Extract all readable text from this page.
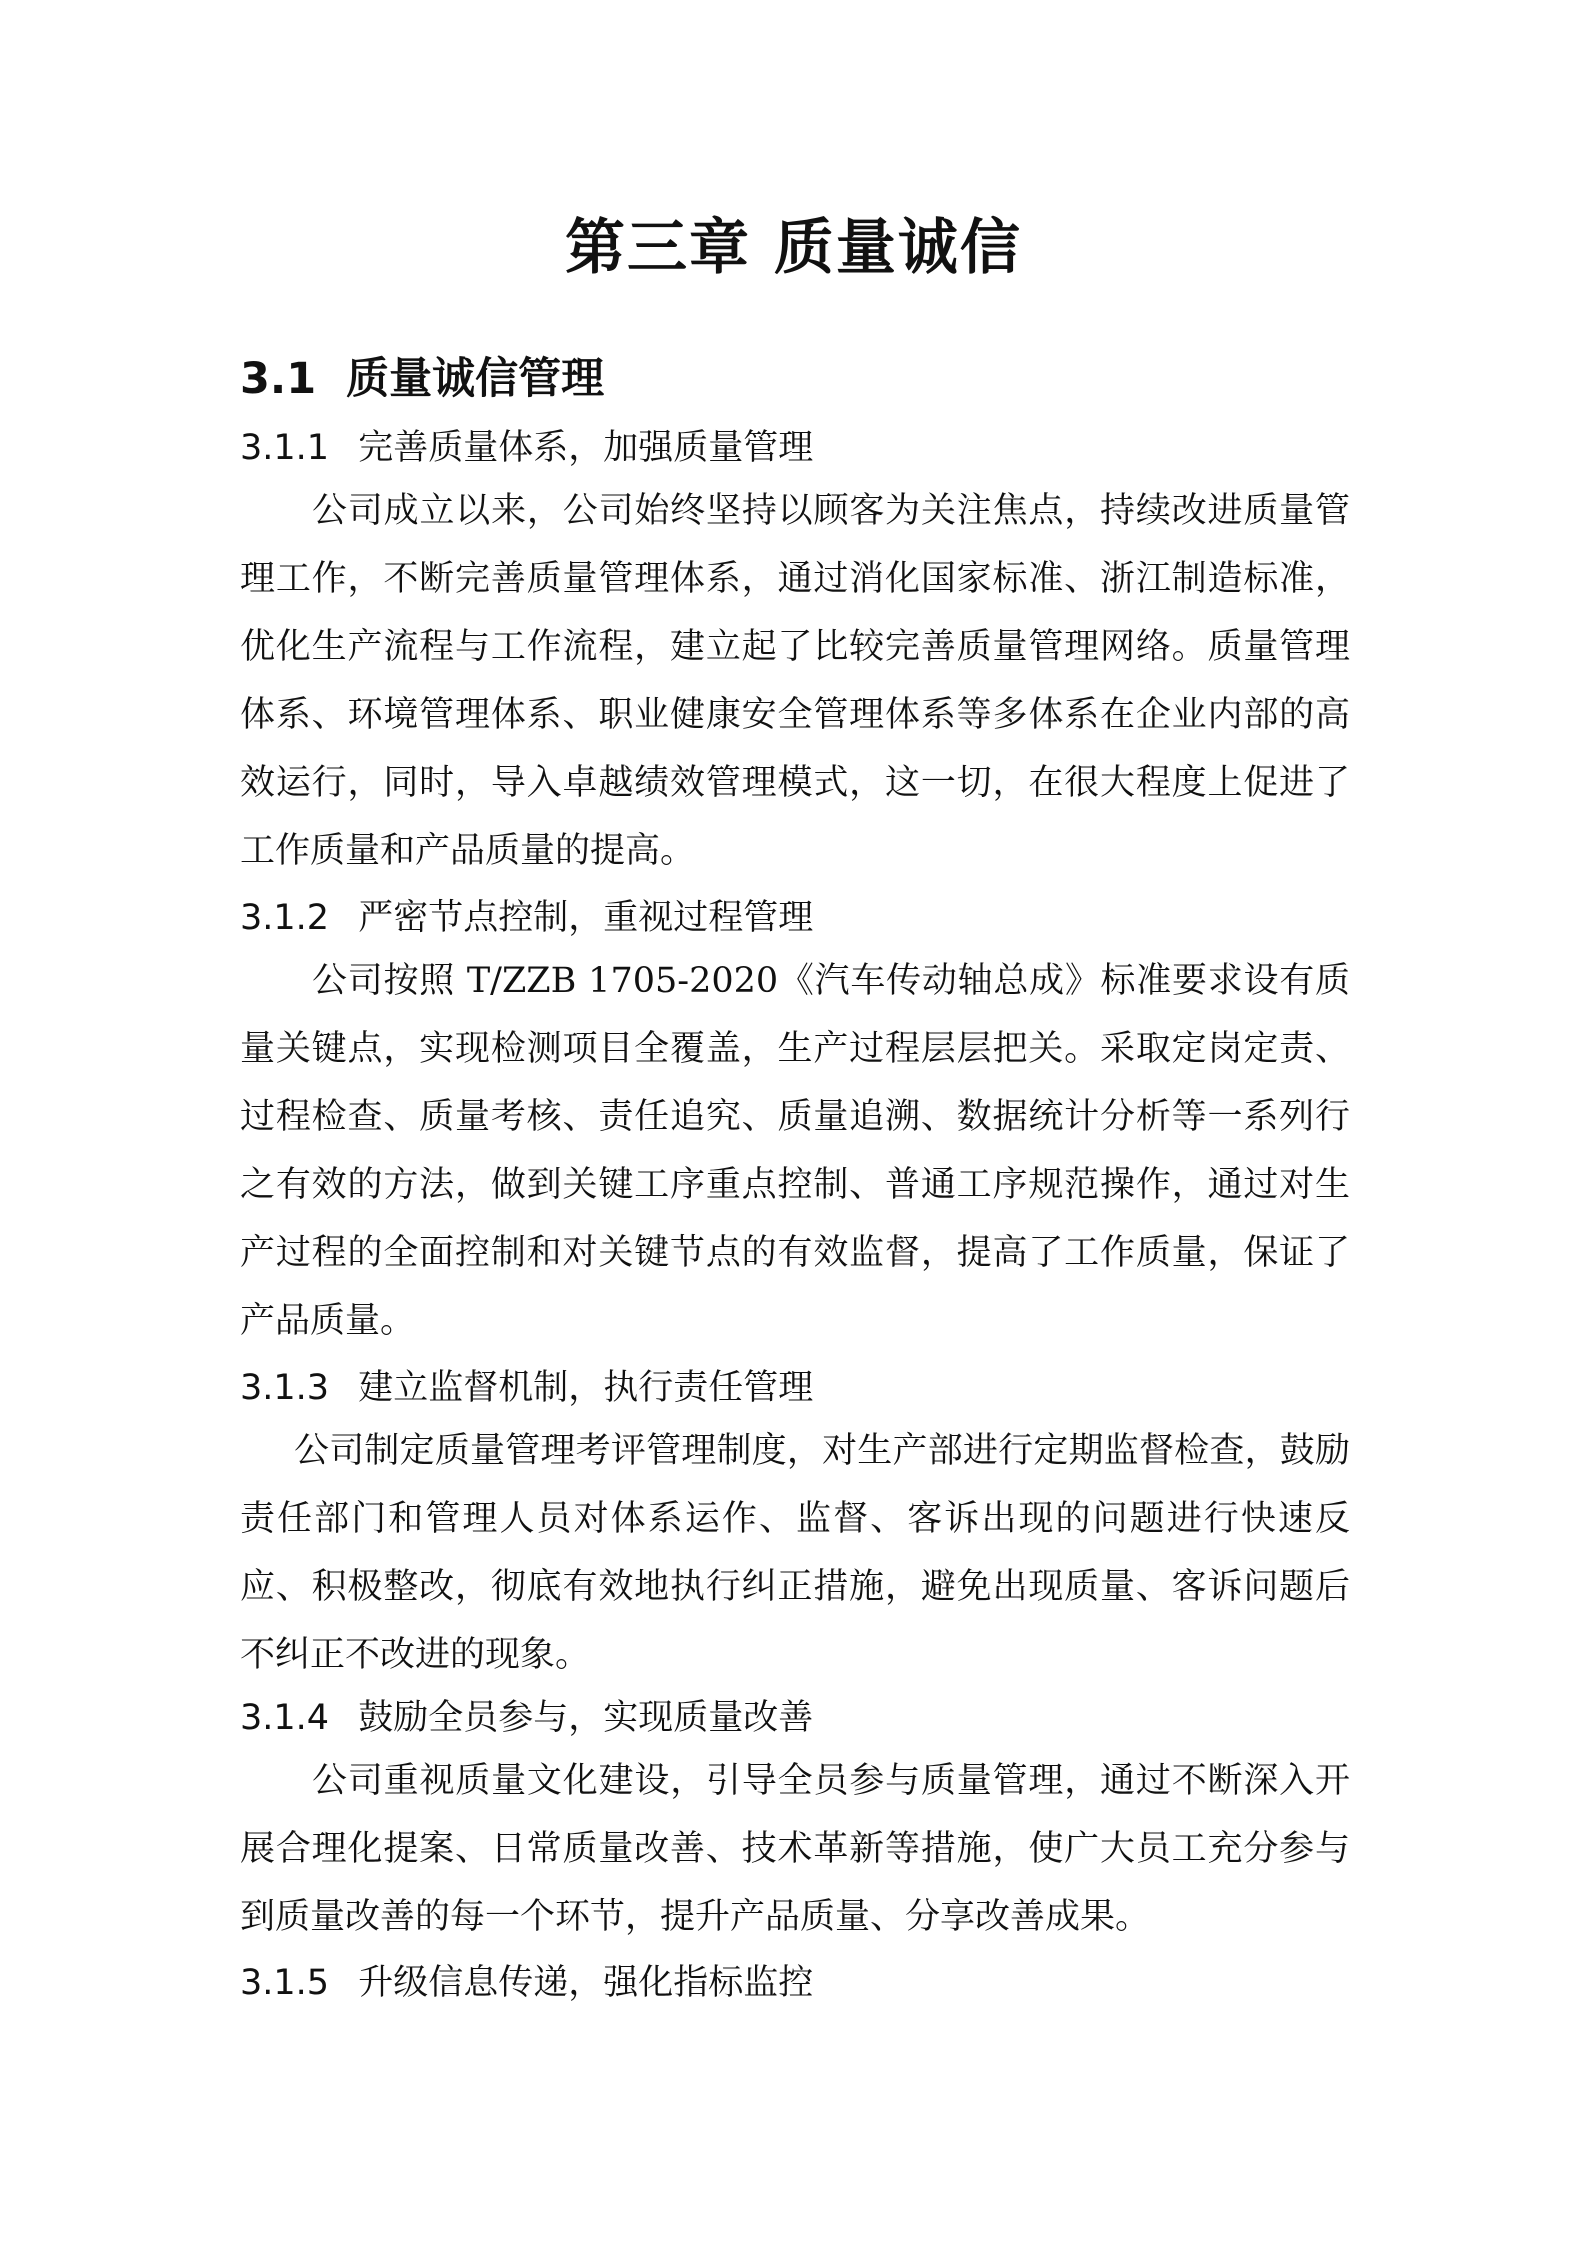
第三章 质量诚信
3.1 质量诚信管理
3.1.1 完善质量体系，加强质量管理

公司成立以来，公司始终坚持以顾客为关注焦点，持续改进质量管理工作，不断完善质量管理体系，通过消化国家标准、浙江制造标准，优化生产流程与工作流程，建立起了比较完善质量管理网络。质量管理体系、环境管理体系、职业健康安全管理体系等多体系在企业内部的高效运行，同时，导入卓越绩效管理模式，这一切，在很大程度上促进了工作质量和产品质量的提高。

3.1.2 严密节点控制，重视过程管理

公司按照 T/ZZB 1705-2020《汽车传动轴总成》标准要求设有质量关键点，实现检测项目全覆盖，生产过程层层把关。采取定岗定责、过程检查、质量考核、责任追究、质量追溯、数据统计分析等一系列行之有效的方法，做到关键工序重点控制、普通工序规范操作，通过对生产过程的全面控制和对关键节点的有效监督，提高了工作质量，保证了产品质量。

3.1.3 建立监督机制，执行责任管理

公司制定质量管理考评管理制度，对生产部进行定期监督检查，鼓励责任部门和管理人员对体系运作、监督、客诉出现的问题进行快速反应、积极整改，彻底有效地执行纠正措施，避免出现质量、客诉问题后不纠正不改进的现象。

3.1.4 鼓励全员参与，实现质量改善

公司重视质量文化建设，引导全员参与质量管理，通过不断深入开展合理化提案、日常质量改善、技术革新等措施，使广大员工充分参与到质量改善的每一个环节，提升产品质量、分享改善成果。

3.1.5 升级信息传递，强化指标监控
